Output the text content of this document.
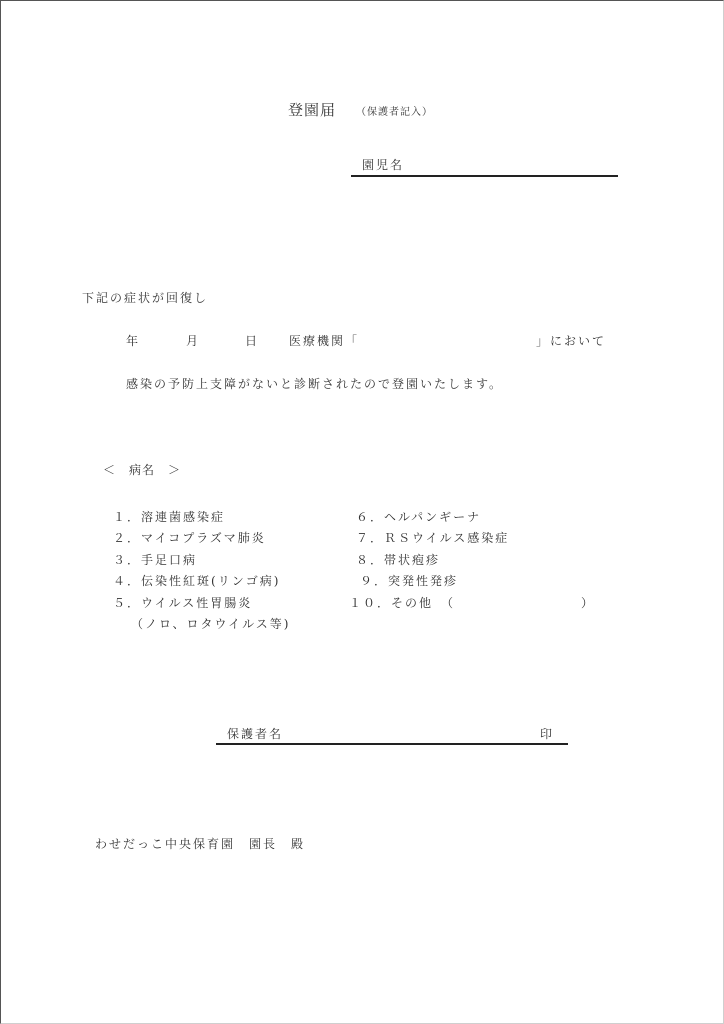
登園届 （保護者記入）
園児名
下記の症状が回復し
年	月	日 医療機関「	」において
感染の予防上支障がないと診断されたので登園いたします。
＜　病名　＞
１．溶連菌感染症
２．マイコプラズマ肺炎
３．手足口病
４．伝染性紅斑(リンゴ病)
５．ウイルス性胃腸炎
（ノロ、ロタウイルス等)
６．ヘルパンギーナ
７．ＲＳウイルス感染症
８．帯状疱疹
９．突発性発疹
１０．その他　（	）
保護者名	印
わせだっこ中央保育園　園長　殿
